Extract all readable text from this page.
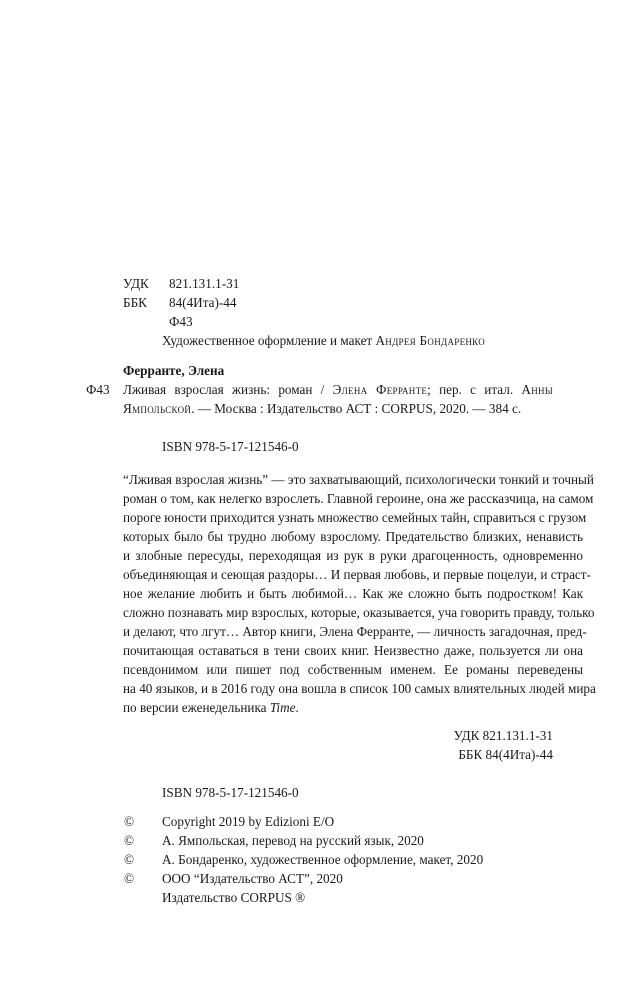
УДК 821.131.1-31
ББК 84(4Ита)-44
Ф43
Художественное оформление и макет Андрея Бондаренко
Ферранте, Элена
Ф43 Лживая взрослая жизнь: роман / Элена Ферранте; пер. с итал. Анны
Ямпольской. — Москва : Издательство АСТ : CORPUS, 2020. — 384 с.
ISBN 978-5-17-121546-0
“Лживая взрослая жизнь” — это захватывающий, психологически тонкий и точный
роман о том, как нелегко взрослеть. Главной героине, она же рассказчица, на самом
пороге юности приходится узнать множество семейных тайн, справиться с грузом
которых было бы трудно любому взрослому. Предательство близких, ненависть
и злобные пересуды, переходящая из рук в руки драгоценность, одновременно
объединяющая и сеющая раздоры… И первая любовь, и первые поцелуи, и страст-
ное желание любить и быть любимой… Как же сложно быть подростком! Как
сложно познавать мир взрослых, которые, оказывается, уча говорить правду, только
и делают, что лгут… Автор книги, Элена Ферранте, — личность загадочная, пред-
почитающая оставаться в тени своих книг. Неизвестно даже, пользуется ли она
псевдонимом или пишет под собственным именем. Ее романы переведены
на 40 языков, и в 2016 году она вошла в список 100 самых влиятельных людей мира
по версии еженедельника Time.
УДК 821.131.1-31
ББК 84(4Ита)-44
ISBN 978-5-17-121546-0
© Copyright 2019 by Edizioni E/O
© А. Ямпольская, перевод на русский язык, 2020
© А. Бондаренко, художественное оформление, макет, 2020
© ООО “Издательство АСТ”, 2020
Издательство CORPUS ®
